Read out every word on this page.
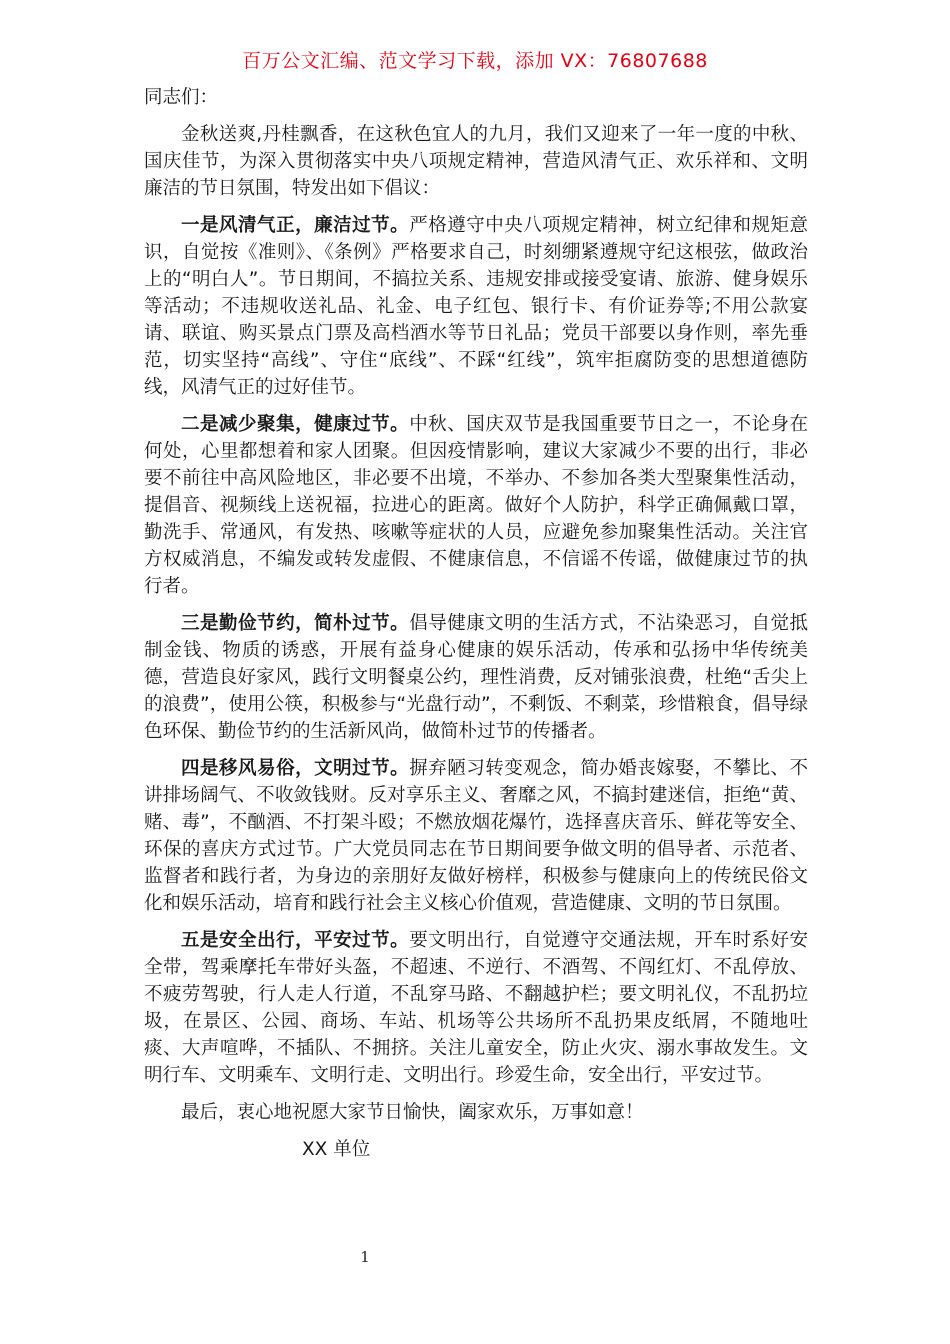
百万公文汇编、范文学习下载，添加 VX：76807688

同志们：

金秋送爽,丹桂飘香，在这秋色宜人的九月，我们又迎来了一年一度的中秋、国庆佳节，为深入贯彻落实中央八项规定精神，营造风清气正、欢乐祥和、文明廉洁的节日氛围，特发出如下倡议：

一是风清气正，廉洁过节。严格遵守中央八项规定精神，树立纪律和规矩意识，自觉按《准则》、《条例》严格要求自己，时刻绷紧遵规守纪这根弦，做政治上的“明白人”。节日期间，不搞拉关系、违规安排或接受宴请、旅游、健身娱乐等活动；不违规收送礼品、礼金、电子红包、银行卡、有价证券等;不用公款宴请、联谊、购买景点门票及高档酒水等节日礼品；党员干部要以身作则，率先垂范，切实坚持“高线”、守住“底线”、不踩“红线”，筑牢拒腐防变的思想道德防线，风清气正的过好佳节。

二是减少聚集，健康过节。中秋、国庆双节是我国重要节日之一，不论身在何处，心里都想着和家人团聚。但因疫情影响，建议大家减少不要的出行，非必要不前往中高风险地区，非必要不出境，不举办、不参加各类大型聚集性活动，提倡音、视频线上送祝福，拉进心的距离。做好个人防护，科学正确佩戴口罩，勤洗手、常通风，有发热、咳嗽等症状的人员，应避免参加聚集性活动。关注官方权威消息，不编发或转发虚假、不健康信息，不信谣不传谣，做健康过节的执行者。

三是勤俭节约，简朴过节。倡导健康文明的生活方式，不沾染恶习，自觉抵制金钱、物质的诱惑，开展有益身心健康的娱乐活动，传承和弘扬中华传统美德，营造良好家风，践行文明餐桌公约，理性消费，反对铺张浪费，杜绝“舌尖上的浪费”，使用公筷，积极参与“光盘行动”，不剩饭、不剩菜，珍惜粮食，倡导绿色环保、勤俭节约的生活新风尚，做简朴过节的传播者。

四是移风易俗，文明过节。摒弃陋习转变观念，简办婚丧嫁娶，不攀比、不讲排场阔气、不收敛钱财。反对享乐主义、奢靡之风，不搞封建迷信，拒绝“黄、赌、毒”，不酗酒、不打架斗殴；不燃放烟花爆竹，选择喜庆音乐、鲜花等安全、环保的喜庆方式过节。广大党员同志在节日期间要争做文明的倡导者、示范者、监督者和践行者，为身边的亲朋好友做好榜样，积极参与健康向上的传统民俗文化和娱乐活动，培育和践行社会主义核心价值观，营造健康、文明的节日氛围。

五是安全出行，平安过节。要文明出行，自觉遵守交通法规，开车时系好安全带，驾乘摩托车带好头盔，不超速、不逆行、不酒驾、不闯红灯、不乱停放、不疲劳驾驶，行人走人行道，不乱穿马路、不翻越护栏；要文明礼仪，不乱扔垃圾，在景区、公园、商场、车站、机场等公共场所不乱扔果皮纸屑，不随地吐痰、大声喧哗，不插队、不拥挤。关注儿童安全，防止火灾、溺水事故发生。文明行车、文明乘车、文明行走、文明出行。珍爱生命，安全出行，平安过节。

最后，衷心地祝愿大家节日愉快，阖家欢乐，万事如意！

XX 单位

1
